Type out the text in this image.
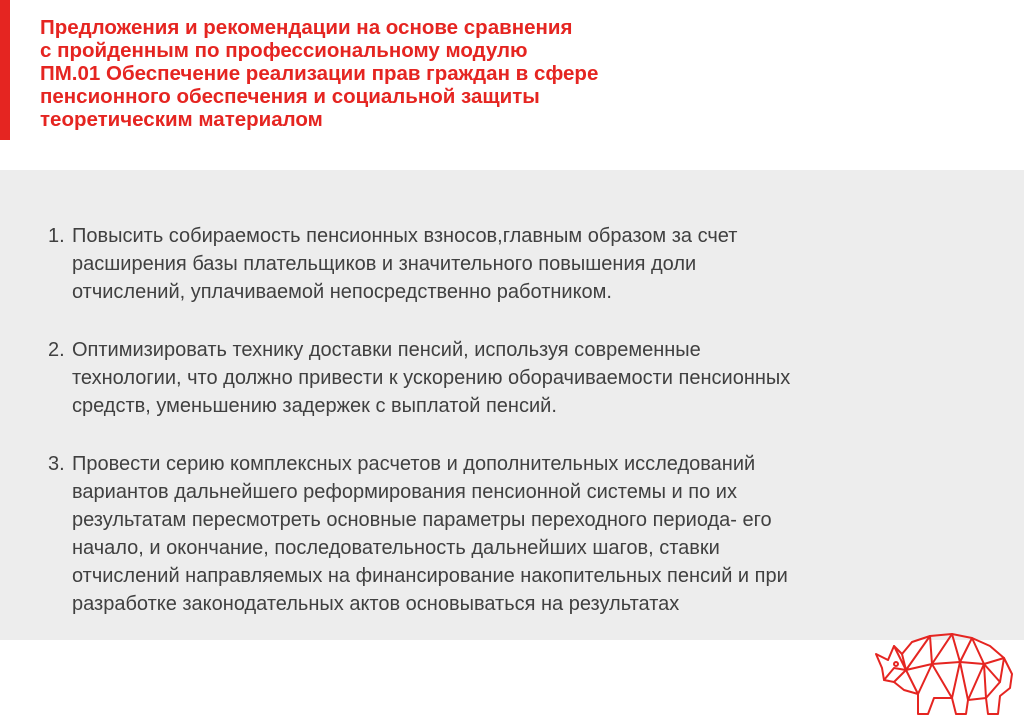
Предложения и рекомендации на основе сравнения
с пройденным по профессиональному модулю
ПМ.01 Обеспечение реализации прав граждан в сфере
пенсионного обеспечения и социальной защиты
теоретическим материалом
1. Повысить собираемость пенсионных взносов,главным образом за счет
расширения базы плательщиков и значительного повышения доли
отчислений, уплачиваемой непосредственно работником.
2. Оптимизировать технику доставки пенсий, используя современные
технологии, что должно привести к ускорению оборачиваемости пенсионных
средств, уменьшению задержек с выплатой пенсий.
3. Провести серию комплексных расчетов и дополнительных исследований
вариантов дальнейшего реформирования пенсионной системы и по их
результатам пересмотреть основные параметры переходного периода- его
начало, и окончание, последовательность дальнейших шагов, ставки
отчислений направляемых на финансирование накопительных пенсий и при
разработке законодательных актов основываться на результатах
